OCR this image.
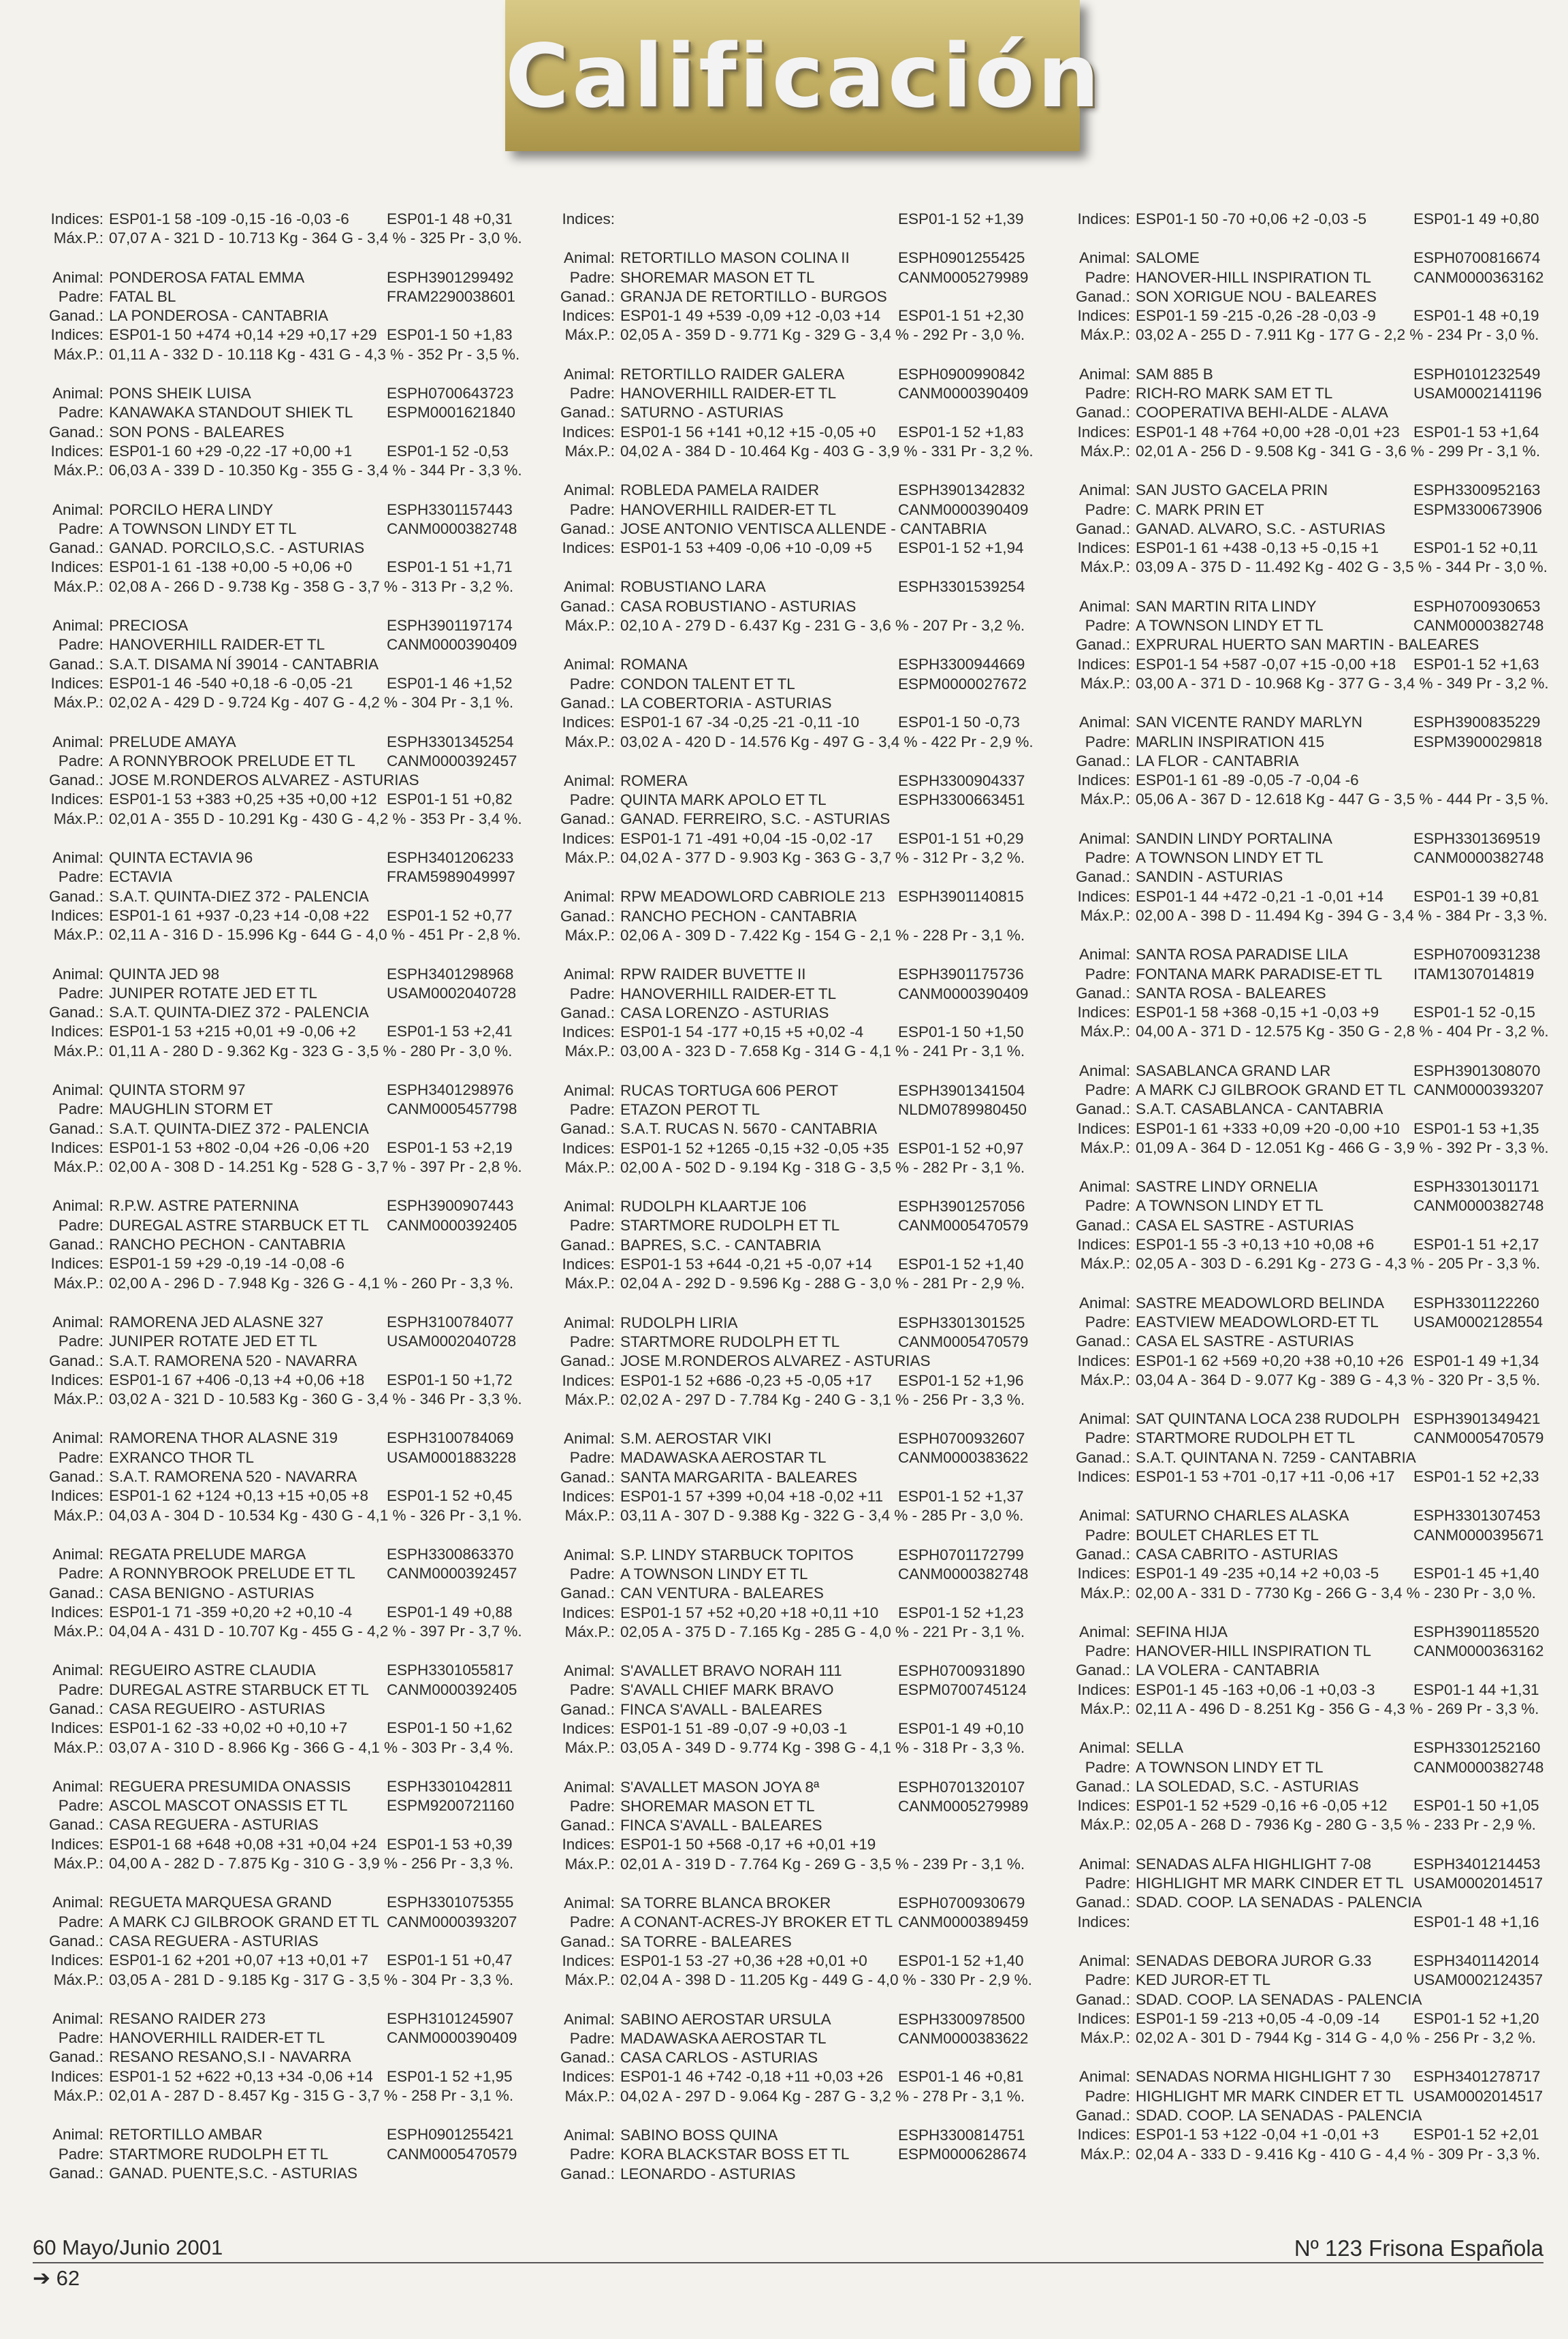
Calificación
Indices: ESP01-1 58 -109 -0,15 -16 -0,03 -6 ESP01-1 48 +0,31
Máx.P.: 07,07 A - 321 D - 10.713 Kg - 364 G - 3,4 % - 325 Pr - 3,0 %.
Animal: PONDEROSA FATAL EMMA	ESPH3901299492
Padre: FATAL BL	FRAM2290038601
Ganad.: LA PONDEROSA - CANTABRIA
Indices: ESP01-1 50 +474 +0,14 +29 +0,17 +29 ESP01-1 50 +1,83
Máx.P.: 01,11 A - 332 D - 10.118 Kg - 431 G - 4,3 % - 352 Pr - 3,5 %.
Animal: PONS SHEIK LUISA	ESPH0700643723
Padre: KANAWAKA STANDOUT SHIEK TL ESPM0001621840
Ganad.: SON PONS - BALEARES
Indices: ESP01-1 60 +29 -0,22 -17 +0,00 +1 ESP01-1 52 -0,53
Máx.P.: 06,03 A - 339 D - 10.350 Kg - 355 G - 3,4 % - 344 Pr - 3,3 %.
Animal: PORCILO HERA LINDY	ESPH3301157443
Padre: A TOWNSON LINDY ET TL	CANM0000382748
Ganad.: GANAD. PORCILO,S.C. - ASTURIAS
Indices: ESP01-1 61 -138 +0,00 -5 +0,06 +0 ESP01-1 51 +1,71
Máx.P.: 02,08 A - 266 D - 9.738 Kg - 358 G - 3,7 % - 313 Pr - 3,2 %.
Animal: PRECIOSA	ESPH3901197174
Padre: HANOVERHILL RAIDER-ET TL	CANM0000390409
Ganad.: S.A.T. DISAMA NÍ 39014 - CANTABRIA
Indices: ESP01-1 46 -540 +0,18 -6 -0,05 -21 ESP01-1 46 +1,52
Máx.P.: 02,02 A - 429 D - 9.724 Kg - 407 G - 4,2 % - 304 Pr - 3,1 %.
Animal: PRELUDE AMAYA	ESPH3301345254
Padre: A RONNYBROOK PRELUDE ET TL CANM0000392457
Ganad.: JOSE M.RONDEROS ALVAREZ - ASTURIAS
Indices: ESP01-1 53 +383 +0,25 +35 +0,00 +12 ESP01-1 51 +0,82
Máx.P.: 02,01 A - 355 D - 10.291 Kg - 430 G - 4,2 % - 353 Pr - 3,4 %.
Animal: QUINTA ECTAVIA 96	ESPH3401206233
Padre: ECTAVIA	FRAM5989049997
Ganad.: S.A.T. QUINTA-DIEZ 372 - PALENCIA
Indices: ESP01-1 61 +937 -0,23 +14 -0,08 +22 ESP01-1 52 +0,77
Máx.P.: 02,11 A - 316 D - 15.996 Kg - 644 G - 4,0 % - 451 Pr - 2,8 %.
Animal: QUINTA JED 98	ESPH3401298968
Padre: JUNIPER ROTATE JED ET TL	USAM0002040728
Ganad.: S.A.T. QUINTA-DIEZ 372 - PALENCIA
Indices: ESP01-1 53 +215 +0,01 +9 -0,06 +2 ESP01-1 53 +2,41
Máx.P.: 01,11 A - 280 D - 9.362 Kg - 323 G - 3,5 % - 280 Pr - 3,0 %.
Animal: QUINTA STORM 97	ESPH3401298976
Padre: MAUGHLIN STORM ET	CANM0005457798
Ganad.: S.A.T. QUINTA-DIEZ 372 - PALENCIA
Indices: ESP01-1 53 +802 -0,04 +26 -0,06 +20 ESP01-1 53 +2,19
Máx.P.: 02,00 A - 308 D - 14.251 Kg - 528 G - 3,7 % - 397 Pr - 2,8 %.
Animal: R.P.W. ASTRE PATERNINA	ESPH3900907443
Padre: DUREGAL ASTRE STARBUCK ET TL CANM0000392405
Ganad.: RANCHO PECHON - CANTABRIA
Indices: ESP01-1 59 +29 -0,19 -14 -0,08 -6
Máx.P.: 02,00 A - 296 D - 7.948 Kg - 326 G - 4,1 % - 260 Pr - 3,3 %.
Animal: RAMORENA JED ALASNE 327	ESPH3100784077
Padre: JUNIPER ROTATE JED ET TL	USAM0002040728
Ganad.: S.A.T. RAMORENA 520 - NAVARRA
Indices: ESP01-1 67 +406 -0,13 +4 +0,06 +18 ESP01-1 50 +1,72
Máx.P.: 03,02 A - 321 D - 10.583 Kg - 360 G - 3,4 % - 346 Pr - 3,3 %.
Animal: RAMORENA THOR ALASNE 319	ESPH3100784069
Padre: EXRANCO THOR TL	USAM0001883228
Ganad.: S.A.T. RAMORENA 520 - NAVARRA
Indices: ESP01-1 62 +124 +0,13 +15 +0,05 +8 ESP01-1 52 +0,45
Máx.P.: 04,03 A - 304 D - 10.534 Kg - 430 G - 4,1 % - 326 Pr - 3,1 %.
Animal: REGATA PRELUDE MARGA	ESPH3300863370
Padre: A RONNYBROOK PRELUDE ET TL CANM0000392457
Ganad.: CASA BENIGNO - ASTURIAS
Indices: ESP01-1 71 -359 +0,20 +2 +0,10 -4 ESP01-1 49 +0,88
Máx.P.: 04,04 A - 431 D - 10.707 Kg - 455 G - 4,2 % - 397 Pr - 3,7 %.
Animal: REGUEIRO ASTRE CLAUDIA	ESPH3301055817
Padre: DUREGAL ASTRE STARBUCK ET TL CANM0000392405
Ganad.: CASA REGUEIRO - ASTURIAS
Indices: ESP01-1 62 -33 +0,02 +0 +0,10 +7	ESP01-1 50 +1,62
Máx.P.: 03,07 A - 310 D - 8.966 Kg - 366 G - 4,1 % - 303 Pr - 3,4 %.
Animal: REGUERA PRESUMIDA ONASSIS ESPH3301042811
Padre: ASCOL MASCOT ONASSIS ET TL	ESPM9200721160
Ganad.: CASA REGUERA - ASTURIAS
Indices: ESP01-1 68 +648 +0,08 +31 +0,04 +24 ESP01-1 53 +0,39
Máx.P.: 04,00 A - 282 D - 7.875 Kg - 310 G - 3,9 % - 256 Pr - 3,3 %.
Animal: REGUETA MARQUESA GRAND	ESPH3301075355
Padre: A MARK CJ GILBROOK GRAND ET TL CANM0000393207
Ganad.: CASA REGUERA - ASTURIAS
Indices: ESP01-1 62 +201 +0,07 +13 +0,01 +7 ESP01-1 51 +0,47
Máx.P.: 03,05 A - 281 D - 9.185 Kg - 317 G - 3,5 % - 304 Pr - 3,3 %.
Animal: RESANO RAIDER 273	ESPH3101245907
Padre: HANOVERHILL RAIDER-ET TL	CANM0000390409
Ganad.: RESANO RESANO,S.I - NAVARRA
Indices: ESP01-1 52 +622 +0,13 +34 -0,06 +14 ESP01-1 52 +1,95
Máx.P.: 02,01 A - 287 D - 8.457 Kg - 315 G - 3,7 % - 258 Pr - 3,1 %.
Animal: RETORTILLO AMBAR	ESPH0901255421
Padre: STARTMORE RUDOLPH ET TL	CANM0005470579
Ganad.: GANAD. PUENTE,S.C. - ASTURIAS
Indices:	ESP01-1 52 +1,39
Animal: RETORTILLO MASON COLINA II	ESPH0901255425
Padre: SHOREMAR MASON ET TL	CANM0005279989
Ganad.: GRANJA DE RETORTILLO - BURGOS
Indices: ESP01-1 49 +539 -0,09 +12 -0,03 +14 ESP01-1 51 +2,30
Máx.P.: 02,05 A - 359 D - 9.771 Kg - 329 G - 3,4 % - 292 Pr - 3,0 %.
Animal: RETORTILLO RAIDER GALERA	ESPH0900990842
Padre: HANOVERHILL RAIDER-ET TL	CANM0000390409
Ganad.: SATURNO - ASTURIAS
Indices: ESP01-1 56 +141 +0,12 +15 -0,05 +0 ESP01-1 52 +1,83
Máx.P.: 04,02 A - 384 D - 10.464 Kg - 403 G - 3,9 % - 331 Pr - 3,2 %.
Animal: ROBLEDA PAMELA RAIDER	ESPH3901342832
Padre: HANOVERHILL RAIDER-ET TL	CANM0000390409
Ganad.: JOSE ANTONIO VENTISCA ALLENDE - CANTABRIA
Indices: ESP01-1 53 +409 -0,06 +10 -0,09 +5 ESP01-1 52 +1,94
Animal: ROBUSTIANO LARA	ESPH3301539254
Ganad.: CASA ROBUSTIANO - ASTURIAS
Máx.P.: 02,10 A - 279 D - 6.437 Kg - 231 G - 3,6 % - 207 Pr - 3,2 %.
Animal: ROMANA	ESPH3300944669
Padre: CONDON TALENT ET TL	ESPM0000027672
Ganad.: LA COBERTORIA - ASTURIAS
Indices: ESP01-1 67 -34 -0,25 -21 -0,11 -10	ESP01-1 50 -0,73
Máx.P.: 03,02 A - 420 D - 14.576 Kg - 497 G - 3,4 % - 422 Pr - 2,9 %.
Animal: ROMERA	ESPH3300904337
Padre: QUINTA MARK APOLO ET TL	ESPH3300663451
Ganad.: GANAD. FERREIRO, S.C. - ASTURIAS
Indices: ESP01-1 71 -491 +0,04 -15 -0,02 -17 ESP01-1 51 +0,29
Máx.P.: 04,02 A - 377 D - 9.903 Kg - 363 G - 3,7 % - 312 Pr - 3,2 %.
Animal: RPW MEADOWLORD CABRIOLE 213 ESPH3901140815
Ganad.: RANCHO PECHON - CANTABRIA
Máx.P.: 02,06 A - 309 D - 7.422 Kg - 154 G - 2,1 % - 228 Pr - 3,1 %.
Animal: RPW RAIDER BUVETTE II	ESPH3901175736
Padre: HANOVERHILL RAIDER-ET TL	CANM0000390409
Ganad.: CASA LORENZO - ASTURIAS
Indices: ESP01-1 54 -177 +0,15 +5 +0,02 -4 ESP01-1 50 +1,50
Máx.P.: 03,00 A - 323 D - 7.658 Kg - 314 G - 4,1 % - 241 Pr - 3,1 %.
Animal: RUCAS TORTUGA 606 PEROT	ESPH3901341504
Padre: ETAZON PEROT TL	NLDM0789980450
Ganad.: S.A.T. RUCAS N. 5670 - CANTABRIA
Indices: ESP01-1 52 +1265 -0,15 +32 -0,05 +35 ESP01-1 52 +0,97
Máx.P.: 02,00 A - 502 D - 9.194 Kg - 318 G - 3,5 % - 282 Pr - 3,1 %.
Animal: RUDOLPH KLAARTJE 106	ESPH3901257056
Padre: STARTMORE RUDOLPH ET TL	CANM0005470579
Ganad.: BAPRES, S.C. - CANTABRIA
Indices: ESP01-1 53 +644 -0,21 +5 -0,07 +14 ESP01-1 52 +1,40
Máx.P.: 02,04 A - 292 D - 9.596 Kg - 288 G - 3,0 % - 281 Pr - 2,9 %.
Animal: RUDOLPH LIRIA	ESPH3301301525
Padre: STARTMORE RUDOLPH ET TL	CANM0005470579
Ganad.: JOSE M.RONDEROS ALVAREZ - ASTURIAS
Indices: ESP01-1 52 +686 -0,23 +5 -0,05 +17 ESP01-1 52 +1,96
Máx.P.: 02,02 A - 297 D - 7.784 Kg - 240 G - 3,1 % - 256 Pr - 3,3 %.
Animal: S.M. AEROSTAR VIKI	ESPH0700932607
Padre: MADAWASKA AEROSTAR TL	CANM0000383622
Ganad.: SANTA MARGARITA - BALEARES
Indices: ESP01-1 57 +399 +0,04 +18 -0,02 +11 ESP01-1 52 +1,37
Máx.P.: 03,11 A - 307 D - 9.388 Kg - 322 G - 3,4 % - 285 Pr - 3,0 %.
Animal: S.P. LINDY STARBUCK TOPITOS	ESPH0701172799
Padre: A TOWNSON LINDY ET TL	CANM0000382748
Ganad.: CAN VENTURA - BALEARES
Indices: ESP01-1 57 +52 +0,20 +18 +0,11 +10 ESP01-1 52 +1,23
Máx.P.: 02,05 A - 375 D - 7.165 Kg - 285 G - 4,0 % - 221 Pr - 3,1 %.
Animal: S'AVALLET BRAVO NORAH 111	ESPH0700931890
Padre: S'AVALL CHIEF MARK BRAVO	ESPM0700745124
Ganad.: FINCA S'AVALL - BALEARES
Indices: ESP01-1 51 -89 -0,07 -9 +0,03 -1	ESP01-1 49 +0,10
Máx.P.: 03,05 A - 349 D - 9.774 Kg - 398 G - 4,1 % - 318 Pr - 3,3 %.
Animal: S'AVALLET MASON JOYA 8ª	ESPH0701320107
Padre: SHOREMAR MASON ET TL	CANM0005279989
Ganad.: FINCA S'AVALL - BALEARES
Indices: ESP01-1 50 +568 -0,17 +6 +0,01 +19
Máx.P.: 02,01 A - 319 D - 7.764 Kg - 269 G - 3,5 % - 239 Pr - 3,1 %.
Animal: SA TORRE BLANCA BROKER	ESPH0700930679
Padre: A CONANT-ACRES-JY BROKER ET TL CANM0000389459
Ganad.: SA TORRE - BALEARES
Indices: ESP01-1 53 -27 +0,36 +28 +0,01 +0 ESP01-1 52 +1,40
Máx.P.: 02,04 A - 398 D - 11.205 Kg - 449 G - 4,0 % - 330 Pr - 2,9 %.
Animal: SABINO AEROSTAR URSULA	ESPH3300978500
Padre: MADAWASKA AEROSTAR TL	CANM0000383622
Ganad.: CASA CARLOS - ASTURIAS
Indices: ESP01-1 46 +742 -0,18 +11 +0,03 +26 ESP01-1 46 +0,81
Máx.P.: 04,02 A - 297 D - 9.064 Kg - 287 G - 3,2 % - 278 Pr - 3,1 %.
Animal: SABINO BOSS QUINA	ESPH3300814751
Padre: KORA BLACKSTAR BOSS ET TL	ESPM0000628674
Ganad.: LEONARDO - ASTURIAS
Indices: ESP01-1 50 -70 +0,06 +2 -0,03 -5	ESP01-1 49 +0,80
Animal: SALOME	ESPH0700816674
Padre: HANOVER-HILL INSPIRATION TL	CANM0000363162
Ganad.: SON XORIGUE NOU - BALEARES
Indices: ESP01-1 59 -215 -0,26 -28 -0,03 -9 ESP01-1 48 +0,19
Máx.P.: 03,02 A - 255 D - 7.911 Kg - 177 G - 2,2 % - 234 Pr - 3,0 %.
Animal: SAM 885 B	ESPH0101232549
Padre: RICH-RO MARK SAM ET TL	USAM0002141196
Ganad.: COOPERATIVA BEHI-ALDE - ALAVA
Indices: ESP01-1 48 +764 +0,00 +28 -0,01 +23 ESP01-1 53 +1,64
Máx.P.: 02,01 A - 256 D - 9.508 Kg - 341 G - 3,6 % - 299 Pr - 3,1 %.
Animal: SAN JUSTO GACELA PRIN	ESPH3300952163
Padre: C. MARK PRIN ET	ESPM3300673906
Ganad.: GANAD. ALVARO, S.C. - ASTURIAS
Indices: ESP01-1 61 +438 -0,13 +5 -0,15 +1 ESP01-1 52 +0,11
Máx.P.: 03,09 A - 375 D - 11.492 Kg - 402 G - 3,5 % - 344 Pr - 3,0 %.
Animal: SAN MARTIN RITA LINDY	ESPH0700930653
Padre: A TOWNSON LINDY ET TL	CANM0000382748
Ganad.: EXPRURAL HUERTO SAN MARTIN - BALEARES
Indices: ESP01-1 54 +587 -0,07 +15 -0,00 +18 ESP01-1 52 +1,63
Máx.P.: 03,00 A - 371 D - 10.968 Kg - 377 G - 3,4 % - 349 Pr - 3,2 %.
Animal: SAN VICENTE RANDY MARLYN	ESPH3900835229
Padre: MARLIN INSPIRATION 415	ESPM3900029818
Ganad.: LA FLOR - CANTABRIA
Indices: ESP01-1 61 -89 -0,05 -7 -0,04 -6
Máx.P.: 05,06 A - 367 D - 12.618 Kg - 447 G - 3,5 % - 444 Pr - 3,5 %.
Animal: SANDIN LINDY PORTALINA	ESPH3301369519
Padre: A TOWNSON LINDY ET TL	CANM0000382748
Ganad.: SANDIN - ASTURIAS
Indices: ESP01-1 44 +472 -0,21 -1 -0,01 +14 ESP01-1 39 +0,81
Máx.P.: 02,00 A - 398 D - 11.494 Kg - 394 G - 3,4 % - 384 Pr - 3,3 %.
Animal: SANTA ROSA PARADISE LILA	ESPH0700931238
Padre: FONTANA MARK PARADISE-ET TL ITAM1307014819
Ganad.: SANTA ROSA - BALEARES
Indices: ESP01-1 58 +368 -0,15 +1 -0,03 +9 ESP01-1 52 -0,15
Máx.P.: 04,00 A - 371 D - 12.575 Kg - 350 G - 2,8 % - 404 Pr - 3,2 %.
Animal: SASABLANCA GRAND LAR	ESPH3901308070
Padre: A MARK CJ GILBROOK GRAND ET TL CANM0000393207
Ganad.: S.A.T. CASABLANCA - CANTABRIA
Indices: ESP01-1 61 +333 +0,09 +20 -0,00 +10 ESP01-1 53 +1,35
Máx.P.: 01,09 A - 364 D - 12.051 Kg - 466 G - 3,9 % - 392 Pr - 3,3 %.
Animal: SASTRE LINDY ORNELIA	ESPH3301301171
Padre: A TOWNSON LINDY ET TL	CANM0000382748
Ganad.: CASA EL SASTRE - ASTURIAS
Indices: ESP01-1 55 -3 +0,13 +10 +0,08 +6	ESP01-1 51 +2,17
Máx.P.: 02,05 A - 303 D - 6.291 Kg - 273 G - 4,3 % - 205 Pr - 3,3 %.
Animal: SASTRE MEADOWLORD BELINDA ESPH3301122260
Padre: EASTVIEW MEADOWLORD-ET TL USAM0002128554
Ganad.: CASA EL SASTRE - ASTURIAS
Indices: ESP01-1 62 +569 +0,20 +38 +0,10 +26 ESP01-1 49 +1,34
Máx.P.: 03,04 A - 364 D - 9.077 Kg - 389 G - 4,3 % - 320 Pr - 3,5 %.
Animal: SAT QUINTANA LOCA 238 RUDOLPH ESPH3901349421
Padre: STARTMORE RUDOLPH ET TL	CANM0005470579
Ganad.: S.A.T. QUINTANA N. 7259 - CANTABRIA
Indices: ESP01-1 53 +701 -0,17 +11 -0,06 +17 ESP01-1 52 +2,33
Animal: SATURNO CHARLES ALASKA	ESPH3301307453
Padre: BOULET CHARLES ET TL	CANM0000395671
Ganad.: CASA CABRITO - ASTURIAS
Indices: ESP01-1 49 -235 +0,14 +2 +0,03 -5 ESP01-1 45 +1,40
Máx.P.: 02,00 A - 331 D - 7730 Kg - 266 G - 3,4 % - 230 Pr - 3,0 %.
Animal: SEFINA HIJA	ESPH3901185520
Padre: HANOVER-HILL INSPIRATION TL	CANM0000363162
Ganad.: LA VOLERA - CANTABRIA
Indices: ESP01-1 45 -163 +0,06 -1 +0,03 -3	ESP01-1 44 +1,31
Máx.P.: 02,11 A - 496 D - 8.251 Kg - 356 G - 4,3 % - 269 Pr - 3,3 %.
Animal: SELLA	ESPH3301252160
Padre: A TOWNSON LINDY ET TL	CANM0000382748
Ganad.: LA SOLEDAD, S.C. - ASTURIAS
Indices: ESP01-1 52 +529 -0,16 +6 -0,05 +12 ESP01-1 50 +1,05
Máx.P.: 02,05 A - 268 D - 7936 Kg - 280 G - 3,5 % - 233 Pr - 2,9 %.
Animal: SENADAS ALFA HIGHLIGHT 7-08	ESPH3401214453
Padre: HIGHLIGHT MR MARK CINDER ET TL USAM0002014517
Ganad.: SDAD. COOP. LA SENADAS - PALENCIA
Indices:	ESP01-1 48 +1,16
Animal: SENADAS DEBORA JUROR G.33	ESPH3401142014
Padre: KED JUROR-ET TL	USAM0002124357
Ganad.: SDAD. COOP. LA SENADAS - PALENCIA
Indices: ESP01-1 59 -213 +0,05 -4 -0,09 -14 ESP01-1 52 +1,20
Máx.P.: 02,02 A - 301 D - 7944 Kg - 314 G - 4,0 % - 256 Pr - 3,2 %.
Animal: SENADAS NORMA HIGHLIGHT 7 30 ESPH3401278717
Padre: HIGHLIGHT MR MARK CINDER ET TL USAM0002014517
Ganad.: SDAD. COOP. LA SENADAS - PALENCIA
Indices: ESP01-1 53 +122 -0,04 +1 -0,01 +3 ESP01-1 52 +2,01
Máx.P.: 02,04 A - 333 D - 9.416 Kg - 410 G - 4,4 % - 309 Pr - 3,3 %.
60 Mayo/Junio 2001	Nº 123 Frisona Española
➔ 62
